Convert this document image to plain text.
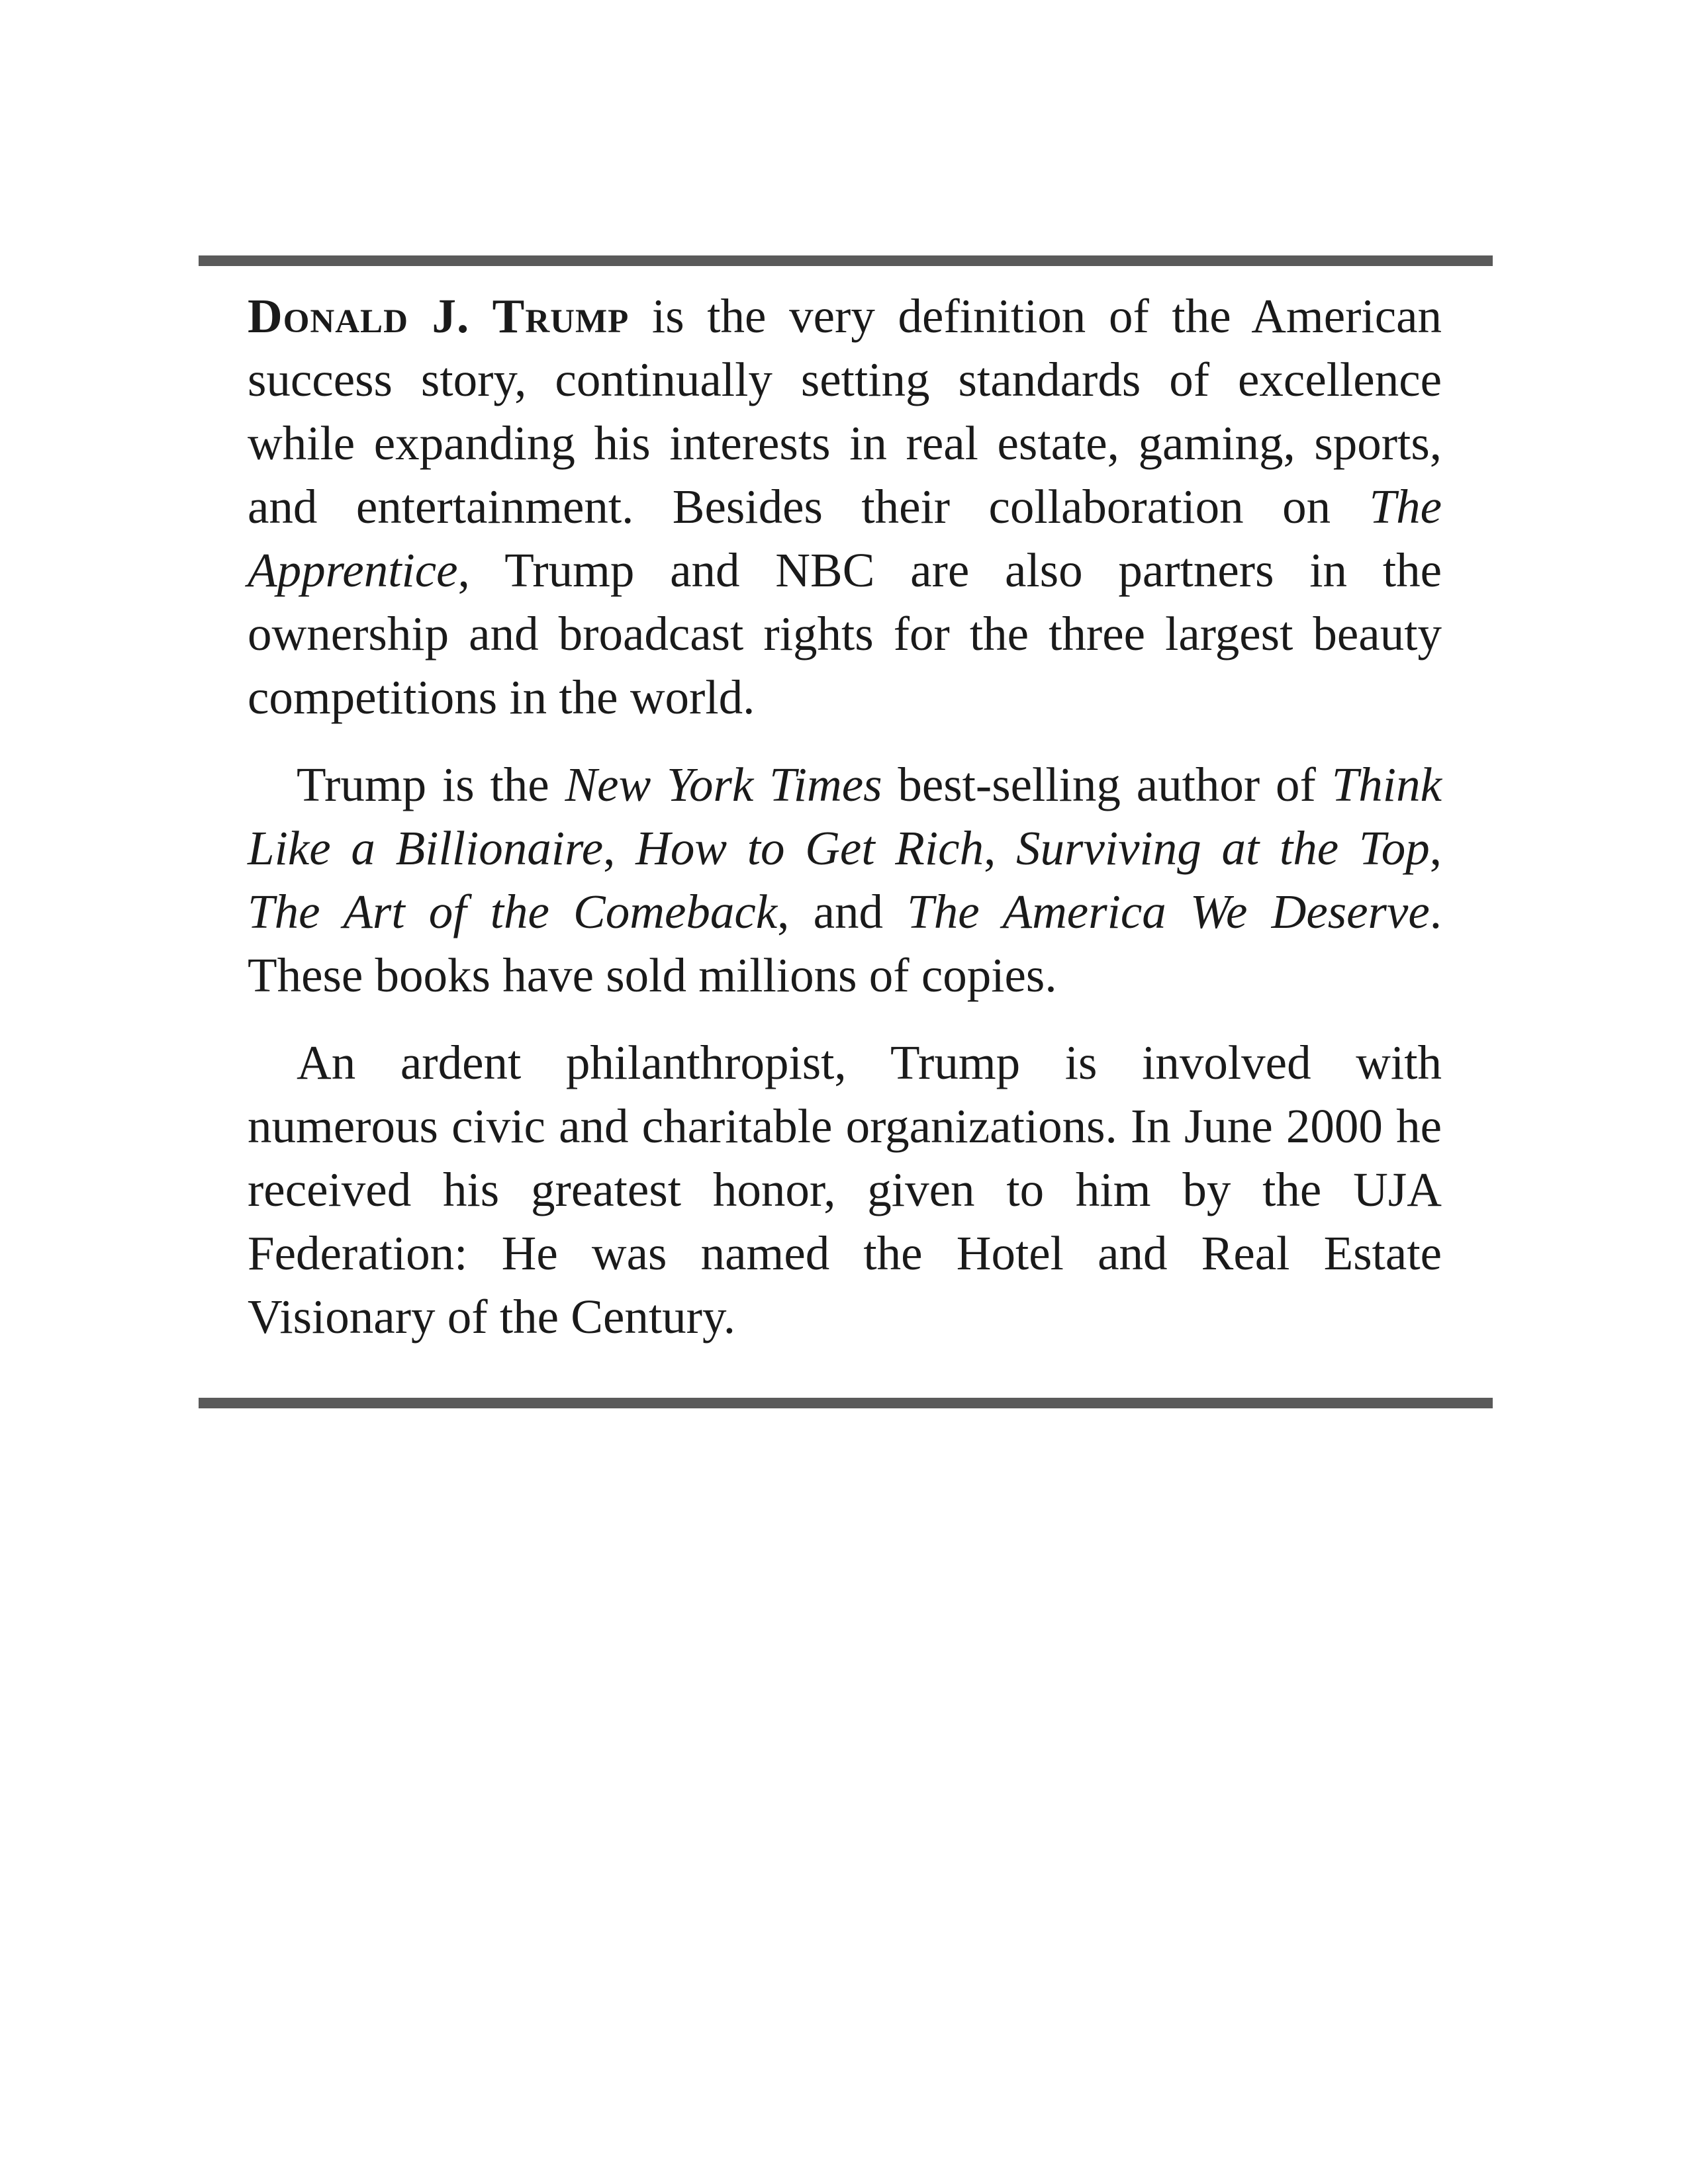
Donald J. Trump is the very definition of the American success story, continually setting standards of excellence while expanding his interests in real estate, gaming, sports, and entertainment. Besides their collaboration on The Apprentice, Trump and NBC are also partners in the ownership and broadcast rights for the three largest beauty competitions in the world.

Trump is the New York Times best-selling author of Think Like a Billionaire, How to Get Rich, Surviving at the Top, The Art of the Comeback, and The America We Deserve. These books have sold millions of copies.

An ardent philanthropist, Trump is involved with numerous civic and charitable organizations. In June 2000 he received his greatest honor, given to him by the UJA Federation: He was named the Hotel and Real Estate Visionary of the Century.
